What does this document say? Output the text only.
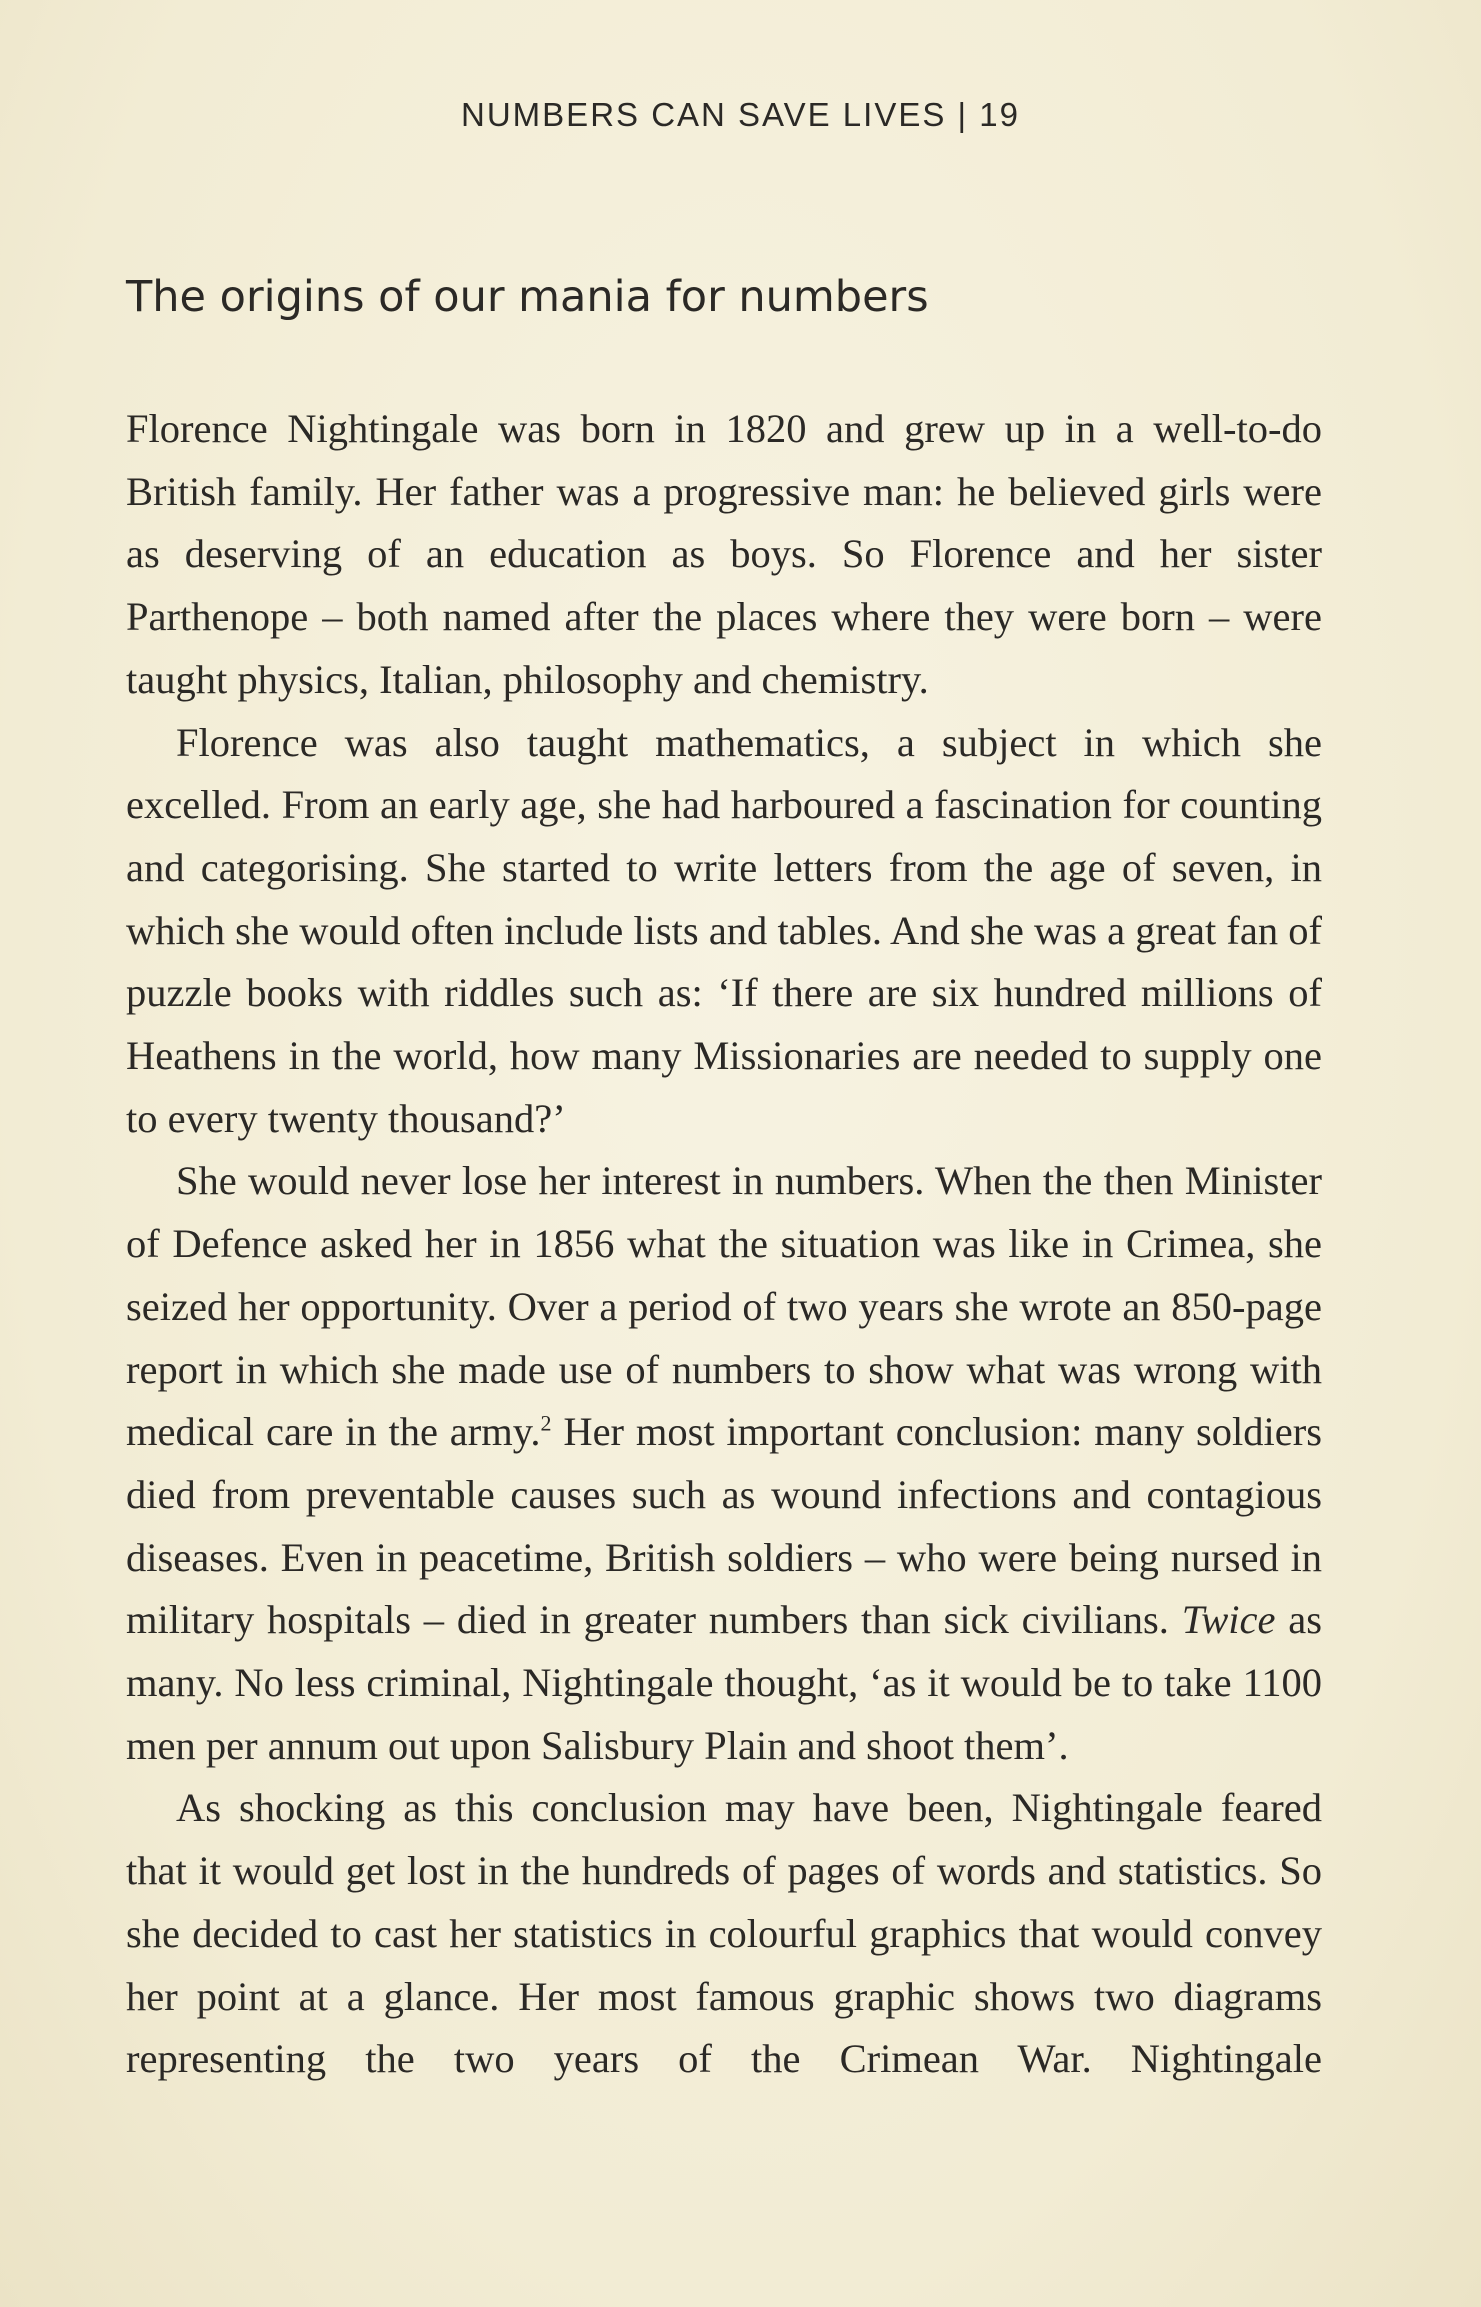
NUMBERS CAN SAVE LIVES | 19
The origins of our mania for numbers

Florence Nightingale was born in 1820 and grew up in a well-to-do British family. Her father was a progressive man: he believed girls were as deserving of an education as boys. So Florence and her sister Parthenope – both named after the places where they were born – were taught physics, Italian, philosophy and chemistry.

Florence was also taught mathematics, a subject in which she excelled. From an early age, she had harboured a fascination for counting and categorising. She started to write letters from the age of seven, in which she would often include lists and tables. And she was a great fan of puzzle books with riddles such as: ‘If there are six hundred millions of Heathens in the world, how many Missionaries are needed to supply one to every twenty thousand?’

She would never lose her interest in numbers. When the then Minister of Defence asked her in 1856 what the situation was like in Crimea, she seized her opportunity. Over a period of two years she wrote an 850-page report in which she made use of numbers to show what was wrong with medical care in the army.$^2$ Her most important conclusion: many soldiers died from preventable causes such as wound infections and contagious diseases. Even in peacetime, British soldiers – who were being nursed in military hospitals – died in greater numbers than sick civilians. Twice as many. No less criminal, Nightingale thought, ‘as it would be to take 1100 men per annum out upon Salisbury Plain and shoot them’.

As shocking as this conclusion may have been, Nightingale feared that it would get lost in the hundreds of pages of words and statistics. So she decided to cast her statistics in colourful graphics that would convey her point at a glance. Her most famous graphic shows two diagrams representing the two years of the Crimean War. Nightingale
